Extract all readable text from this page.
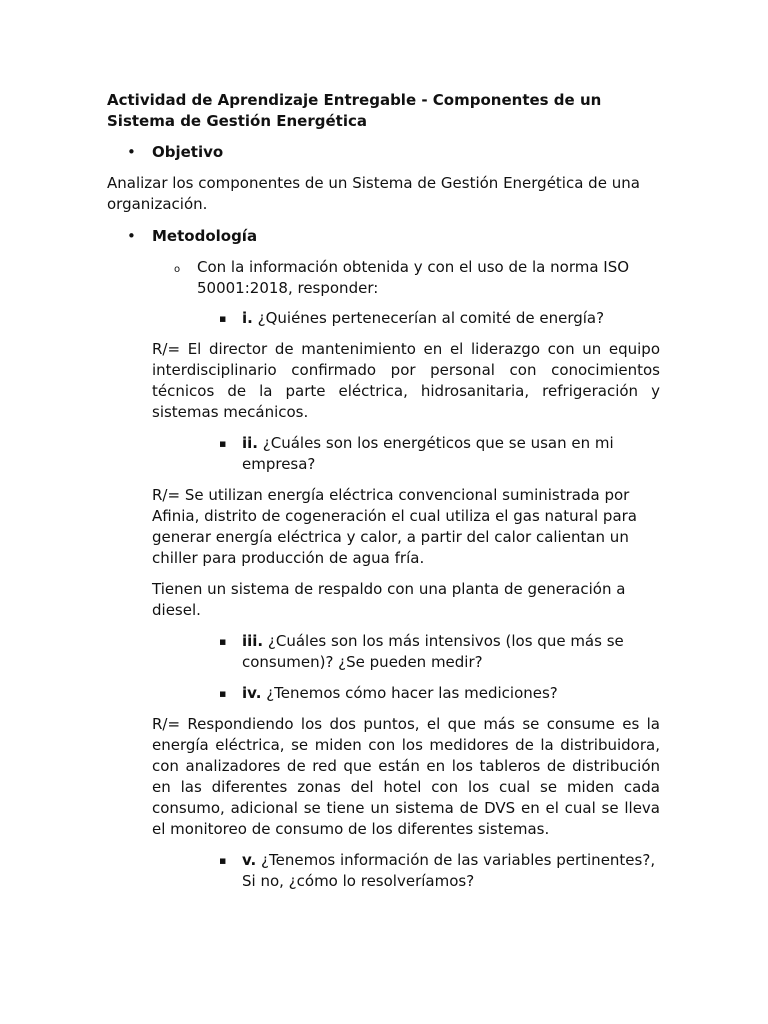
Actividad de Aprendizaje Entregable - Componentes de un Sistema de Gestión Energética

• Objetivo

Analizar los componentes de un Sistema de Gestión Energética de una organización.

• Metodología

o Con la información obtenida y con el uso de la norma ISO 50001:2018, responder:

▪ i. ¿Quiénes pertenecerían al comité de energía?

R/= El director de mantenimiento en el liderazgo con un equipo interdisciplinario confirmado por personal con conocimientos técnicos de la parte eléctrica, hidrosanitaria, refrigeración y sistemas mecánicos.

▪ ii. ¿Cuáles son los energéticos que se usan en mi empresa?

R/= Se utilizan energía eléctrica convencional suministrada por Afinia, distrito de cogeneración el cual utiliza el gas natural para generar energía eléctrica y calor, a partir del calor calientan un chiller para producción de agua fría.

Tienen un sistema de respaldo con una planta de generación a diesel.

▪ iii. ¿Cuáles son los más intensivos (los que más se consumen)? ¿Se pueden medir?

▪ iv. ¿Tenemos cómo hacer las mediciones?

R/= Respondiendo los dos puntos, el que más se consume es la energía eléctrica, se miden con los medidores de la distribuidora, con analizadores de red que están en los tableros de distribución en las diferentes zonas del hotel con los cual se miden cada consumo, adicional se tiene un sistema de DVS en el cual se lleva el monitoreo de consumo de los diferentes sistemas.

▪ v. ¿Tenemos información de las variables pertinentes?, Si no, ¿cómo lo resolveríamos?
